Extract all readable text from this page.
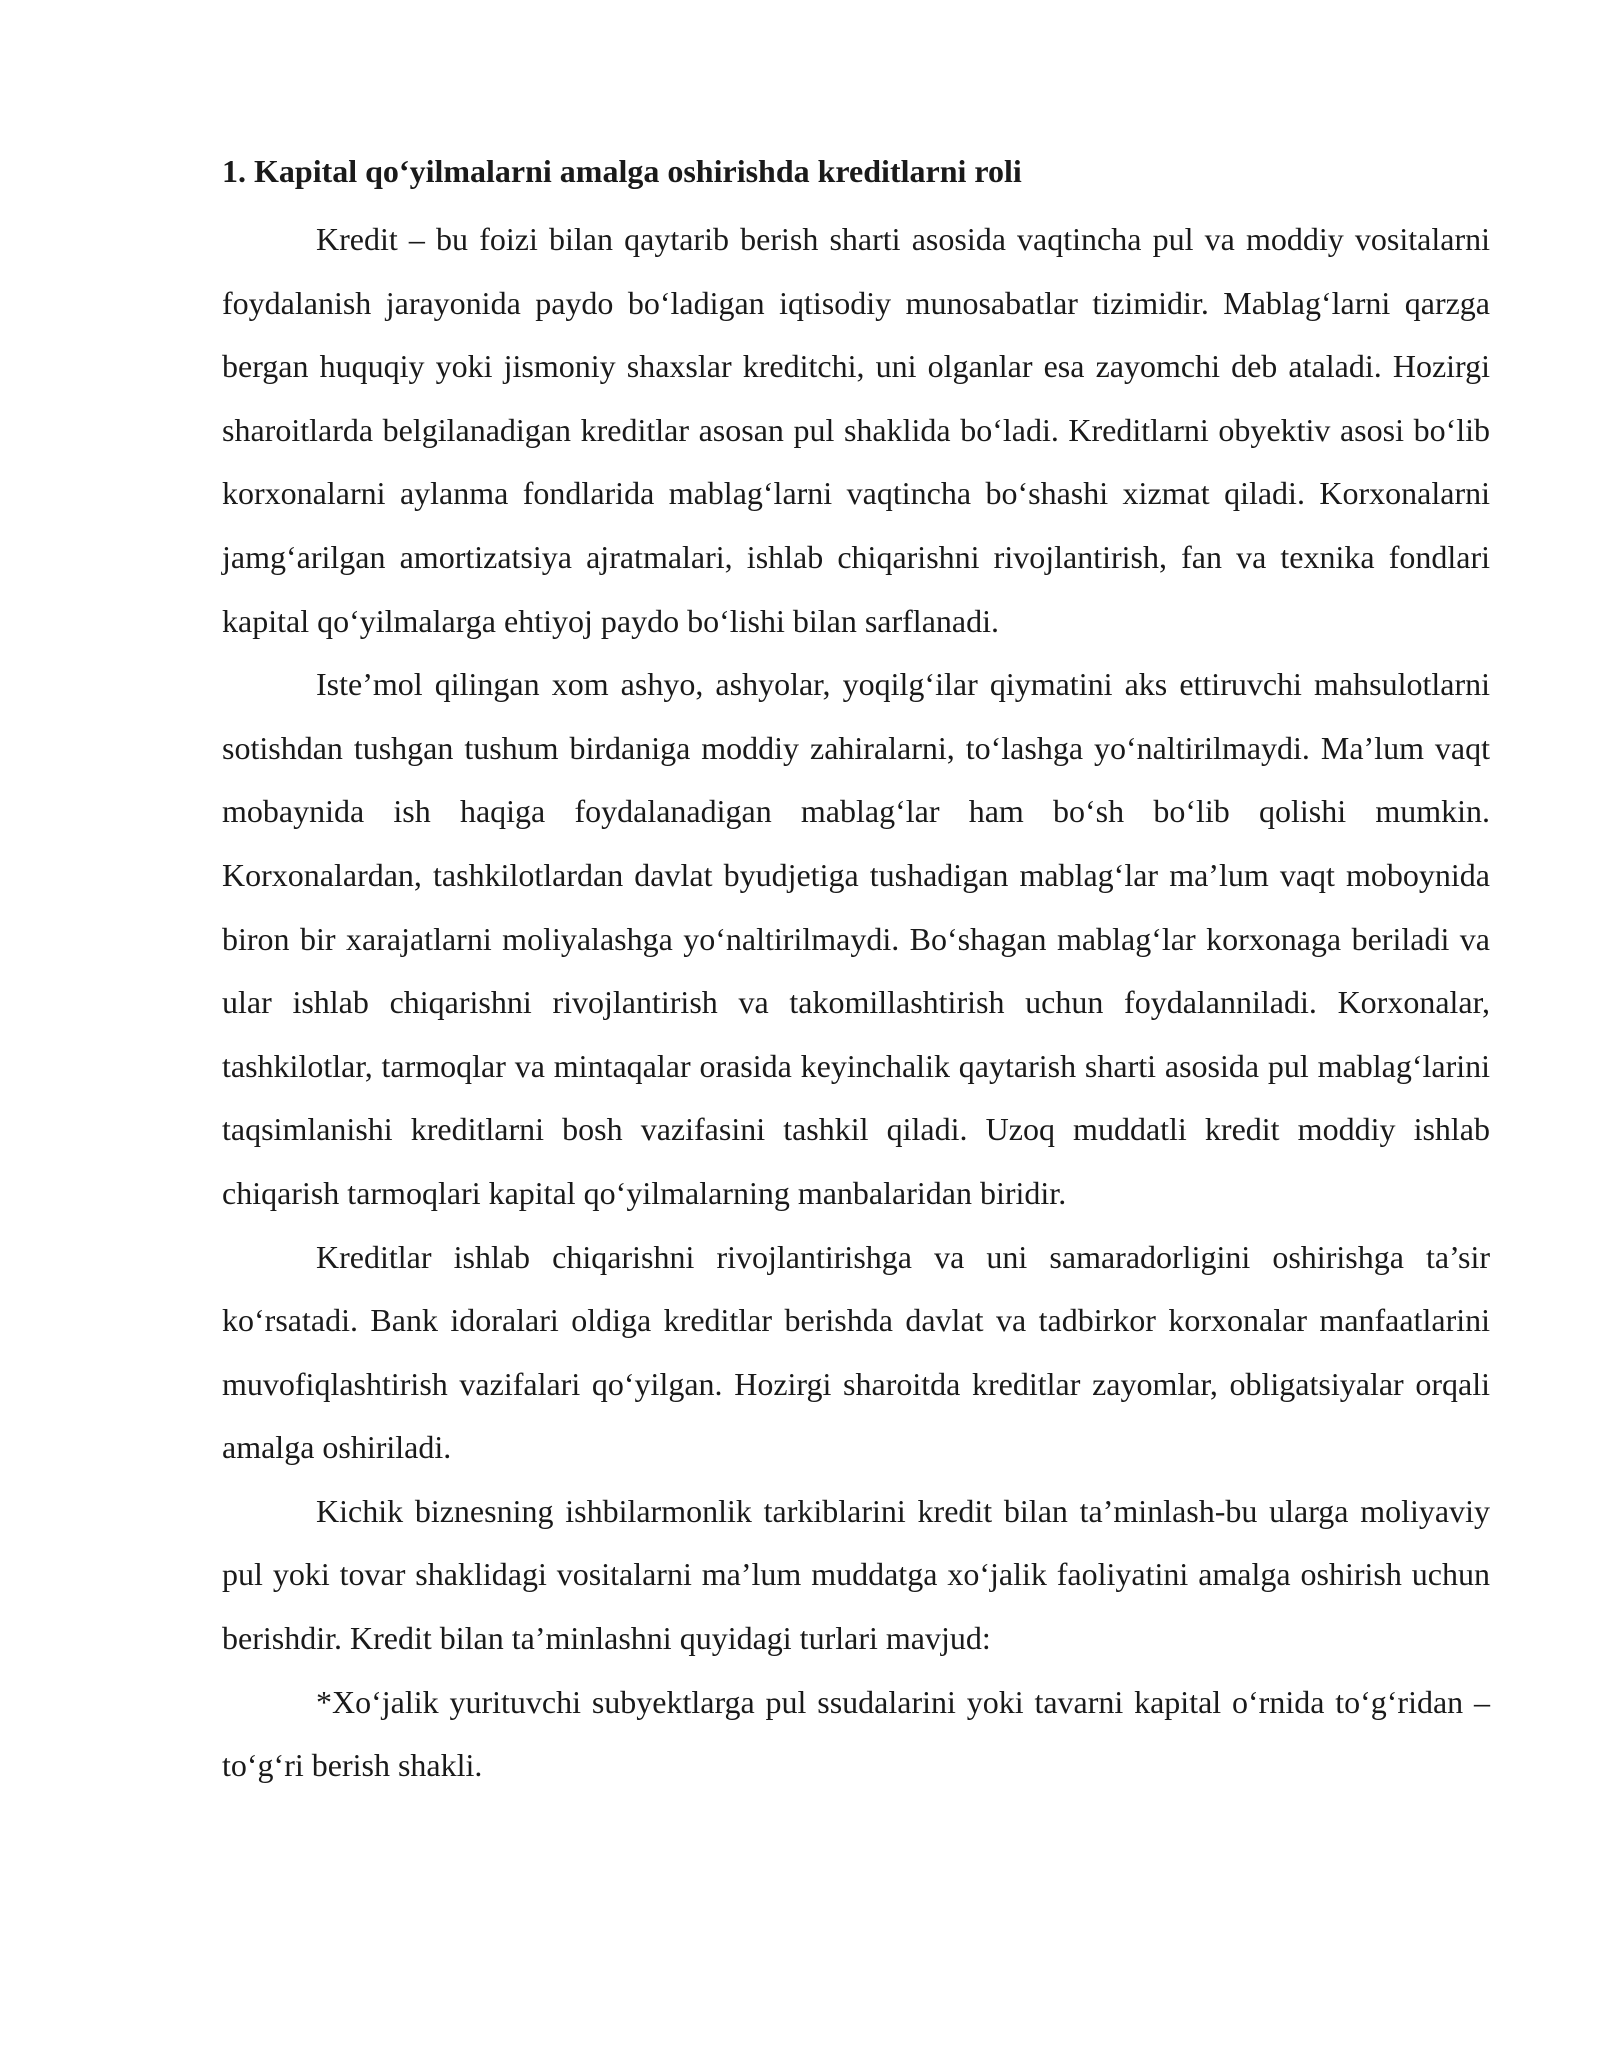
1. Kapital qo‘yilmalarni amalga oshirishda kreditlarni roli

Kredit – bu foizi bilan qaytarib berish sharti asosida vaqtincha pul va moddiy vositalarni foydalanish jarayonida paydo bo‘ladigan iqtisodiy munosabatlar tizimidir. Mablag‘larni qarzga bergan huquqiy yoki jismoniy shaxslar kreditchi, uni olganlar esa zayomchi deb ataladi. Hozirgi sharoitlarda belgilanadigan kreditlar asosan pul shaklida bo‘ladi. Kreditlarni obyektiv asosi bo‘lib korxonalarni aylanma fondlarida mablag‘larni vaqtincha bo‘shashi xizmat qiladi. Korxonalarni jamg‘arilgan amortizatsiya ajratmalari, ishlab chiqarishni rivojlantirish, fan va texnika fondlari kapital qo‘yilmalarga ehtiyoj paydo bo‘lishi bilan sarflanadi.

Iste’mol qilingan xom ashyo, ashyolar, yoqilg‘ilar qiymatini aks ettiruvchi mahsulotlarni sotishdan tushgan tushum birdaniga moddiy zahiralarni, to‘lashga yo‘naltirilmaydi. Ma’lum vaqt mobaynida ish haqiga foydalanadigan mablag‘lar ham bo‘sh bo‘lib qolishi mumkin. Korxonalardan, tashkilotlardan davlat byudjetiga tushadigan mablag‘lar ma’lum vaqt moboynida biron bir xarajatlarni moliyalashga yo‘naltirilmaydi. Bo‘shagan mablag‘lar korxonaga beriladi va ular ishlab chiqarishni rivojlantirish va takomillashtirish uchun foydalanniladi. Korxonalar, tashkilotlar, tarmoqlar va mintaqalar orasida keyinchalik qaytarish sharti asosida pul mablag‘larini taqsimlanishi kreditlarni bosh vazifasini tashkil qiladi. Uzoq muddatli kredit moddiy ishlab chiqarish tarmoqlari kapital qo‘yilmalarning manbalaridan biridir.

Kreditlar ishlab chiqarishni rivojlantirishga va uni samaradorligini oshirishga ta’sir ko‘rsatadi. Bank idoralari oldiga kreditlar berishda davlat va tadbirkor korxonalar manfaatlarini muvofiqlashtirish vazifalari qo‘yilgan. Hozirgi sharoitda kreditlar zayomlar, obligatsiyalar orqali amalga oshiriladi.

Kichik biznesning ishbilarmonlik tarkiblarini kredit bilan ta’minlash-bu ularga moliyaviy pul yoki tovar shaklidagi vositalarni ma’lum muddatga xo‘jalik faoliyatini amalga oshirish uchun berishdir. Kredit bilan ta’minlashni quyidagi turlari mavjud:

*Xo‘jalik yurituvchi subyektlarga pul ssudalarini yoki tavarni kapital o‘rnida to‘g‘ridan – to‘g‘ri berish shakli.
